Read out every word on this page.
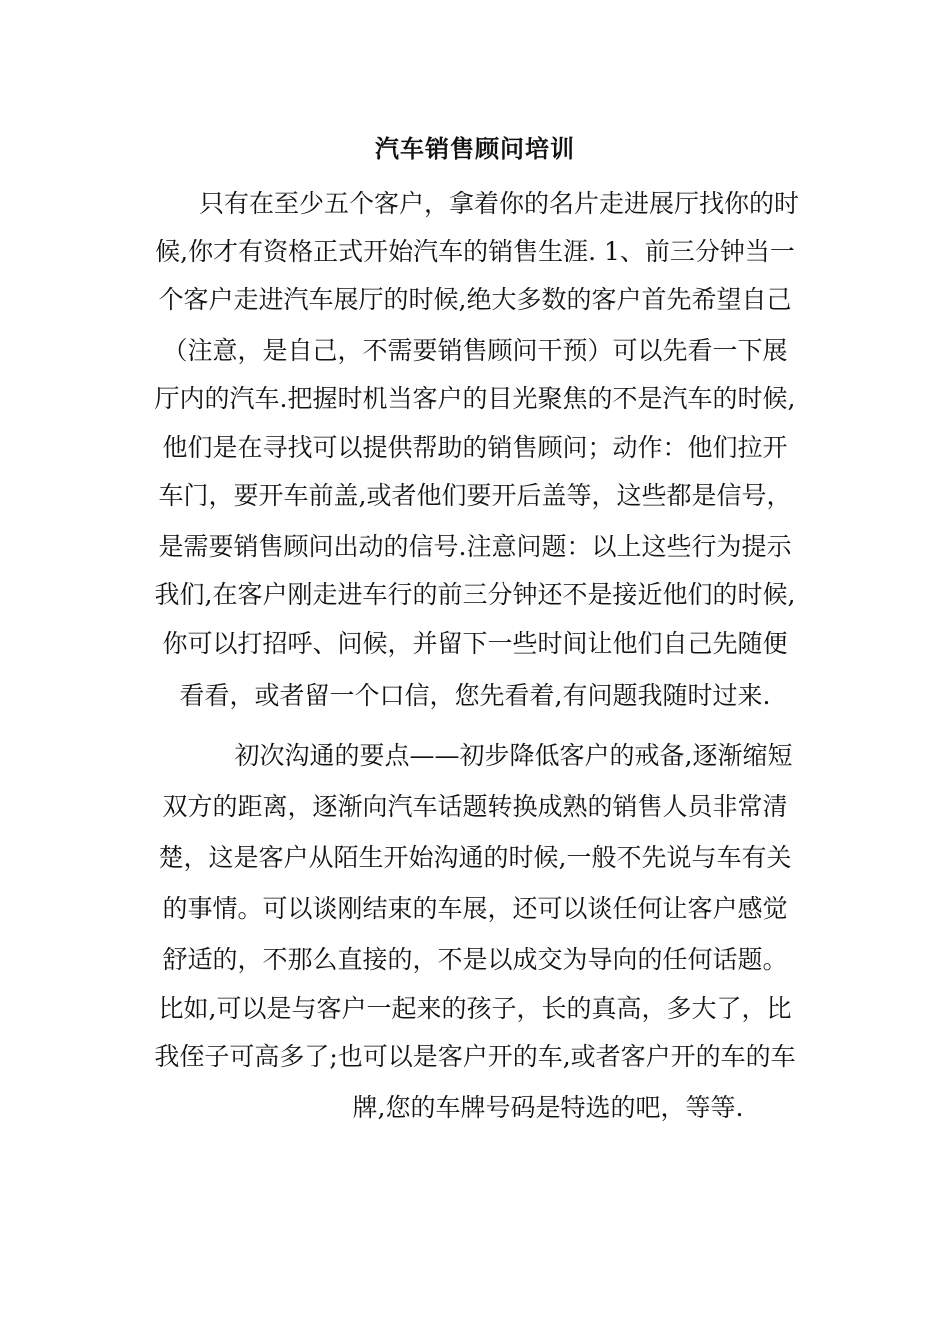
汽车销售顾问培训
只有在至少五个客户，拿着你的名片走进展厅找你的时
候,你才有资格正式开始汽车的销售生涯. 1、前三分钟当一
个客户走进汽车展厅的时候,绝大多数的客户首先希望自己
（注意，是自己，不需要销售顾问干预）可以先看一下展
厅内的汽车.把握时机当客户的目光聚焦的不是汽车的时候,
他们是在寻找可以提供帮助的销售顾问；动作：他们拉开
车门，要开车前盖,或者他们要开后盖等，这些都是信号，
是需要销售顾问出动的信号.注意问题：以上这些行为提示
我们,在客户刚走进车行的前三分钟还不是接近他们的时候,
你可以打招呼、问候，并留下一些时间让他们自己先随便
看看，或者留一个口信，您先看着,有问题我随时过来.
初次沟通的要点——初步降低客户的戒备,逐渐缩短
双方的距离，逐渐向汽车话题转换成熟的销售人员非常清
楚，这是客户从陌生开始沟通的时候,一般不先说与车有关
的事情。可以谈刚结束的车展，还可以谈任何让客户感觉
舒适的，不那么直接的，不是以成交为导向的任何话题。
比如,可以是与客户一起来的孩子，长的真高，多大了，比
我侄子可高多了;也可以是客户开的车,或者客户开的车的车
牌,您的车牌号码是特选的吧，等等.
